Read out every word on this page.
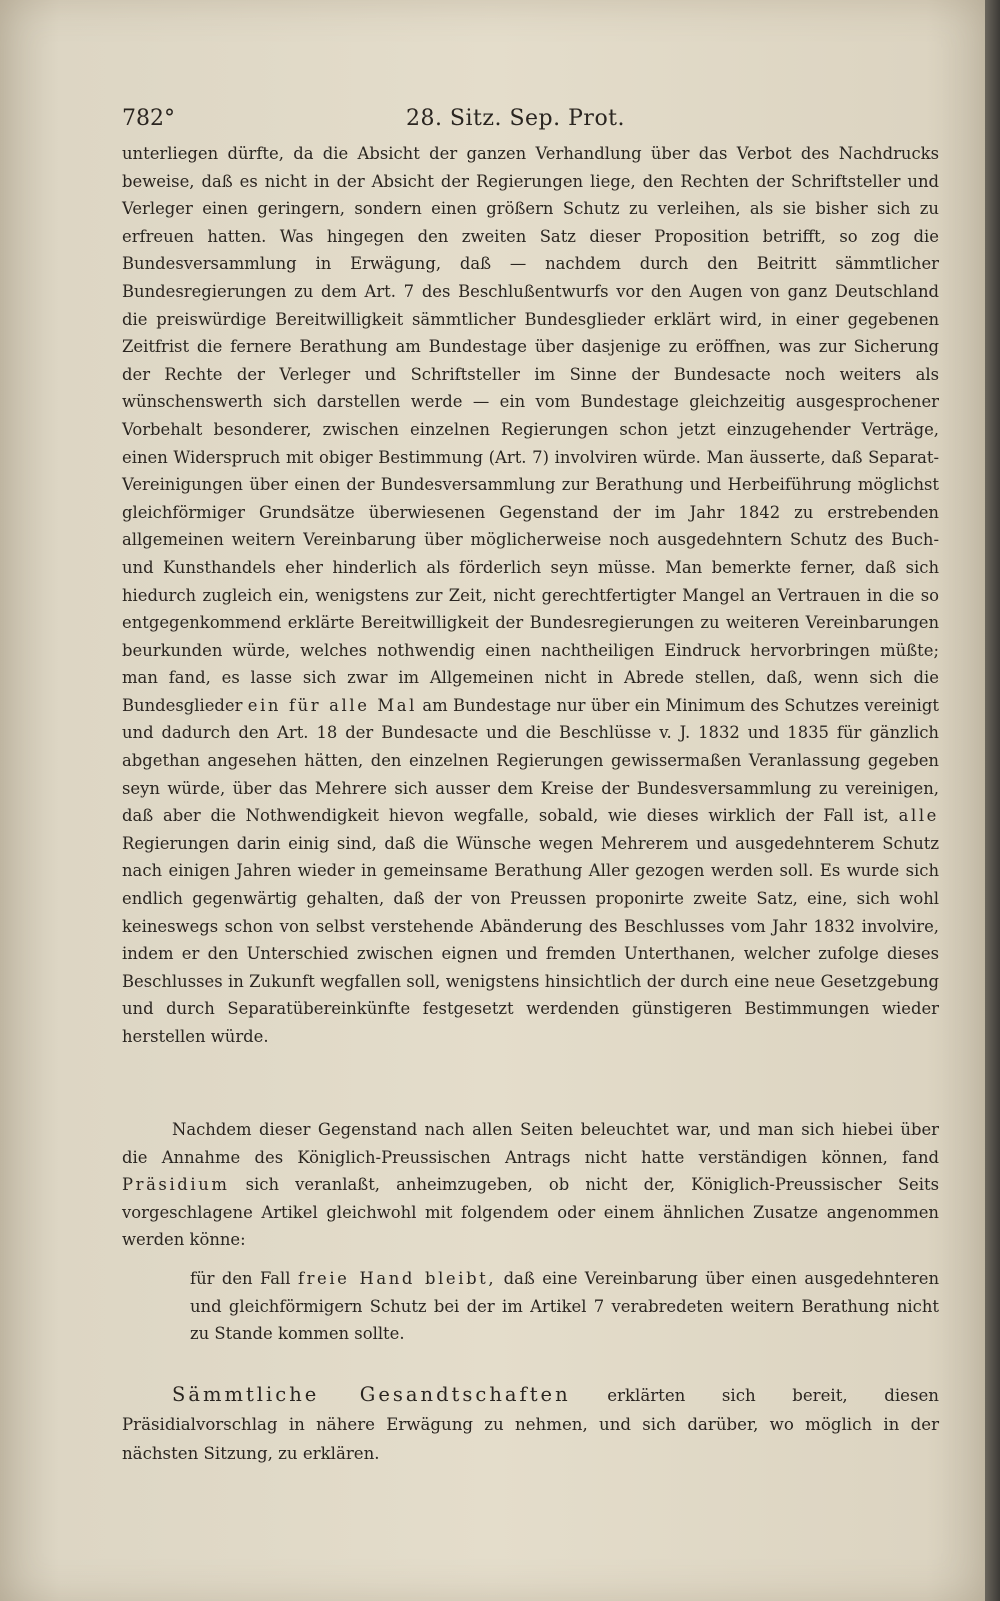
782°	28. Sitz. Sep. Prot.

unterliegen dürfte, da die Absicht der ganzen Verhandlung über das Verbot des Nachdrucks beweise, daß es nicht in der Absicht der Regierungen liege, den Rechten der Schriftsteller und Verleger einen geringern, sondern einen größern Schutz zu verleihen, als sie bisher sich zu erfreuen hatten. Was hingegen den zweiten Satz dieser Proposition betrifft, so zog die Bundesversammlung in Erwägung, daß — nachdem durch den Beitritt sämmtlicher Bundesregierungen zu dem Art. 7 des Beschlußentwurfs vor den Augen von ganz Deutschland die preiswürdige Bereitwilligkeit sämmtlicher Bundesglieder erklärt wird, in einer gegebenen Zeitfrist die fernere Berathung am Bundestage über dasjenige zu eröffnen, was zur Sicherung der Rechte der Verleger und Schriftsteller im Sinne der Bundesacte noch weiters als wünschenswerth sich darstellen werde — ein vom Bundestage gleichzeitig ausgesprochener Vorbehalt besonderer, zwischen einzelnen Regierungen schon jetzt einzugehender Verträge, einen Widerspruch mit obiger Bestimmung (Art. 7) involviren würde. Man äusserte, daß Separat-Vereinigungen über einen der Bundesversammlung zur Berathung und Herbeiführung möglichst gleichförmiger Grundsätze überwiesenen Gegenstand der im Jahr 1842 zu erstrebenden allgemeinen weitern Vereinbarung über möglicherweise noch ausgedehntern Schutz des Buch- und Kunsthandels eher hinderlich als förderlich seyn müsse. Man bemerkte ferner, daß sich hiedurch zugleich ein, wenigstens zur Zeit, nicht gerechtfertigter Mangel an Vertrauen in die so entgegenkommend erklärte Bereitwilligkeit der Bundesregierungen zu weiteren Vereinbarungen beurkunden würde, welches nothwendig einen nachtheiligen Eindruck hervorbringen müßte; man fand, es lasse sich zwar im Allgemeinen nicht in Abrede stellen, daß, wenn sich die Bundesglieder ein für alle Mal am Bundestage nur über ein Minimum des Schutzes vereinigt und dadurch den Art. 18 der Bundesacte und die Beschlüsse v. J. 1832 und 1835 für gänzlich abgethan angesehen hätten, den einzelnen Regierungen gewissermaßen Veranlassung gegeben seyn würde, über das Mehrere sich ausser dem Kreise der Bundesversammlung zu vereinigen, daß aber die Nothwendigkeit hievon wegfalle, sobald, wie dieses wirklich der Fall ist, alle Regierungen darin einig sind, daß die Wünsche wegen Mehrerem und ausgedehnterem Schutz nach einigen Jahren wieder in gemeinsame Berathung Aller gezogen werden soll. Es wurde sich endlich gegenwärtig gehalten, daß der von Preussen proponirte zweite Satz, eine, sich wohl keineswegs schon von selbst verstehende Abänderung des Beschlusses vom Jahr 1832 involvire, indem er den Unterschied zwischen eignen und fremden Unterthanen, welcher zufolge dieses Beschlusses in Zukunft wegfallen soll, wenigstens hinsichtlich der durch eine neue Gesetzgebung und durch Separatübereinkünfte festgesetzt werdenden günstigeren Bestimmungen wieder herstellen würde.

Nachdem dieser Gegenstand nach allen Seiten beleuchtet war, und man sich hiebei über die Annahme des Königlich-Preussischen Antrags nicht hatte verständigen können, fand Präsidium sich veranlaßt, anheimzugeben, ob nicht der, Königlich-Preussischer Seits vorgeschlagene Artikel gleichwohl mit folgendem oder einem ähnlichen Zusatze angenommen werden könne:

für den Fall freie Hand bleibt, daß eine Vereinbarung über einen ausgedehnteren und gleichförmigern Schutz bei der im Artikel 7 verabredeten weitern Berathung nicht zu Stande kommen sollte.

Sämmtliche Gesandtschaften erklärten sich bereit, diesen Präsidialvorschlag in nähere Erwägung zu nehmen, und sich darüber, wo möglich in der nächsten Sitzung, zu erklären.
